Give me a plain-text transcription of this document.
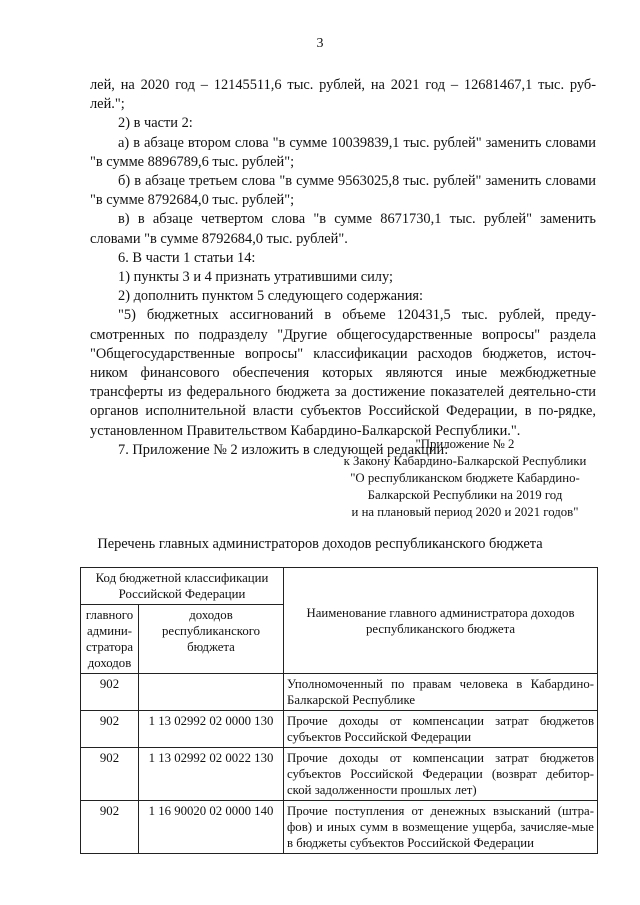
3

лей, на 2020 год – 12145511,6 тыс. рублей, на 2021 год – 12681467,1 тыс. руб-лей.";

2) в части 2:

а) в абзаце втором слова "в сумме 10039839,1 тыс. рублей" заменить словами "в сумме 8896789,6 тыс. рублей";

б) в абзаце третьем слова "в сумме 9563025,8 тыс. рублей" заменить словами "в сумме 8792684,0 тыс. рублей";

в) в абзаце четвертом слова "в сумме 8671730,1 тыс. рублей" заменить словами "в сумме 8792684,0 тыс. рублей".

6. В части 1 статьи 14:

1) пункты 3 и 4 признать утратившими силу;

2) дополнить пунктом 5 следующего содержания:

"5) бюджетных ассигнований в объеме 120431,5 тыс. рублей, преду-смотренных по подразделу "Другие общегосударственные вопросы" раздела "Общегосударственные вопросы" классификации расходов бюджетов, источ-ником финансового обеспечения которых являются иные межбюджетные трансферты из федерального бюджета за достижение показателей деятельно-сти органов исполнительной власти субъектов Российской Федерации, в по-рядке, установленном Правительством Кабардино-Балкарской Республики.".

7. Приложение № 2 изложить в следующей редакции:

"Приложение № 2
к Закону Кабардино-Балкарской Республики
"О республиканском бюджете Кабардино-
Балкарской Республики на 2019 год
и на плановый период 2020 и 2021 годов"
Перечень главных администраторов доходов республиканского бюджета
Код бюджетной классификации Российской Федерации		Наименование главного администратора доходов республиканского бюджета
главного админи-стратора доходов	доходов республиканского бюджета	
902		Уполномоченный по правам человека в Кабардино-Балкарской Республике
902	1 13 02992 02 0000 130	Прочие доходы от компенсации затрат бюджетов субъектов Российской Федерации
902	1 13 02992 02 0022 130	Прочие доходы от компенсации затрат бюджетов субъектов Российской Федерации (возврат дебитор-ской задолженности прошлых лет)
902	1 16 90020 02 0000 140	Прочие поступления от денежных взысканий (штра-фов) и иных сумм в возмещение ущерба, зачисляе-мые в бюджеты субъектов Российской Федерации
